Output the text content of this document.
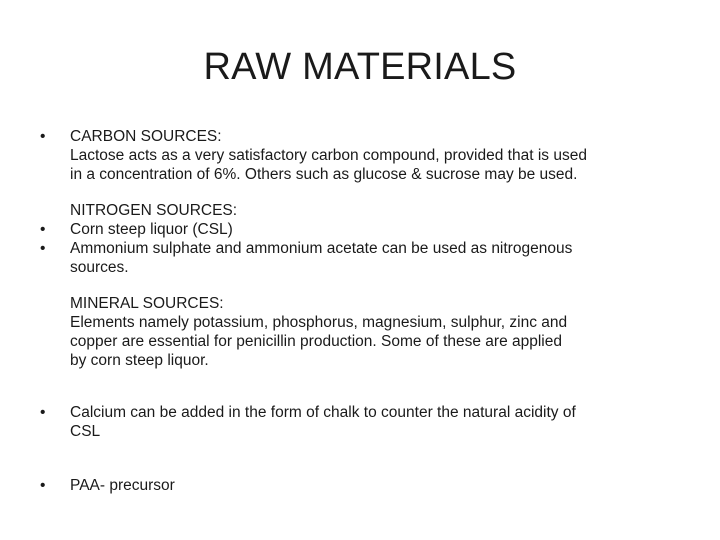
RAW MATERIALS
•	CARBON SOURCES:
Lactose acts as a very satisfactory carbon compound, provided that is used
in a concentration of 6%. Others such as glucose & sucrose may be used.
NITROGEN SOURCES:
•	Corn steep liquor (CSL)
•	Ammonium sulphate and ammonium acetate can be used as nitrogenous
sources.
MINERAL SOURCES:
Elements namely potassium, phosphorus, magnesium, sulphur, zinc and
copper are essential for penicillin production. Some of these are applied
by corn steep liquor.
•	Calcium can be added in the form of chalk to counter the natural acidity of
CSL
•	PAA- precursor
